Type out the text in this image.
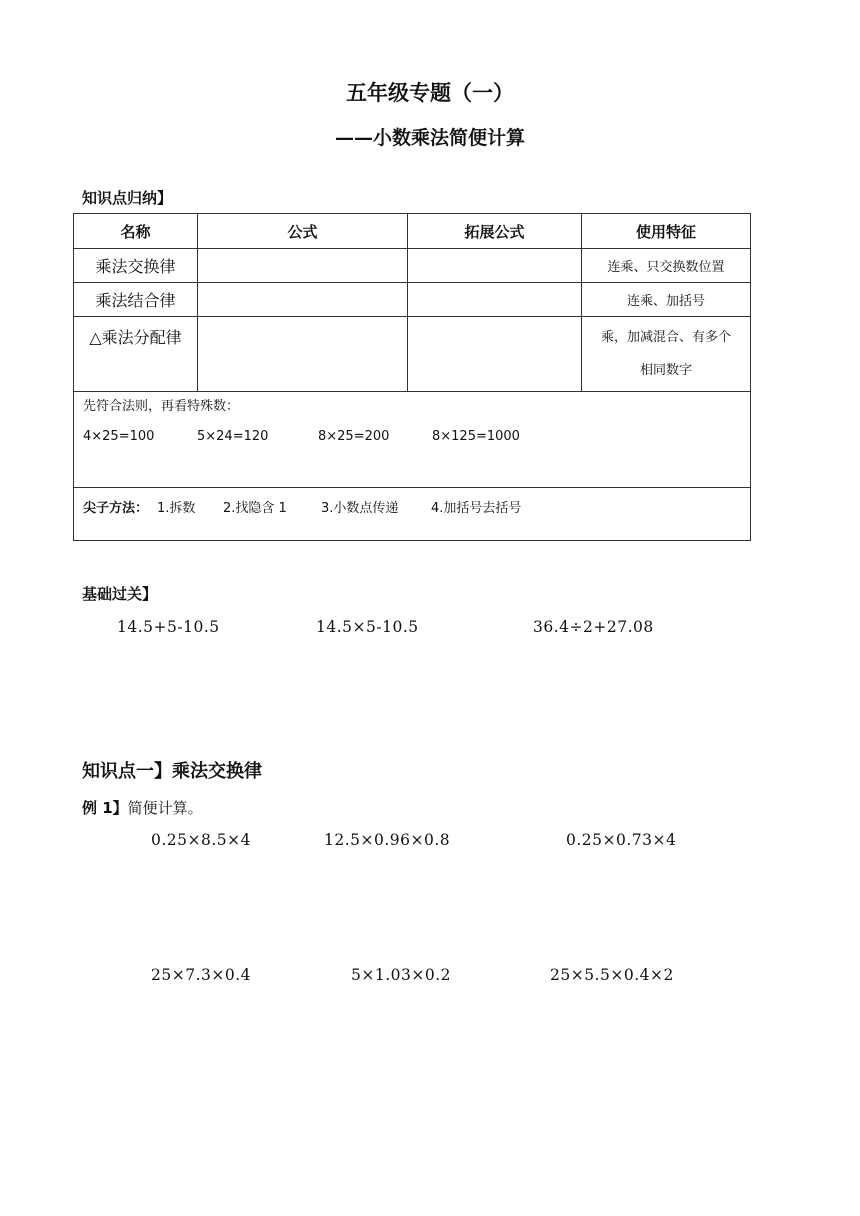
五年级专题（一）
——小数乘法简便计算
知识点归纳】
名称	公式	拓展公式	使用特征
乘法交换律			连乘、只交换数位置
乘法结合律			连乘、加括号
△乘法分配律			乘，加减混合、有多个
相同数字
先符合法则，再看特殊数：
4×25=100	5×24=120	8×25=200	8×125=1000
尖子方法： 1.拆数 2.找隐含 1	3.小数点传递	4.加括号去括号
基础过关】
14.5+5-10.5	14.5×5-10.5	36.4÷2+27.08
知识点一】乘法交换律
例 1】简便计算。
0.25×8.5×4	12.5×0.96×0.8	0.25×0.73×4
25×7.3×0.4	5×1.03×0.2	25×5.5×0.4×2
